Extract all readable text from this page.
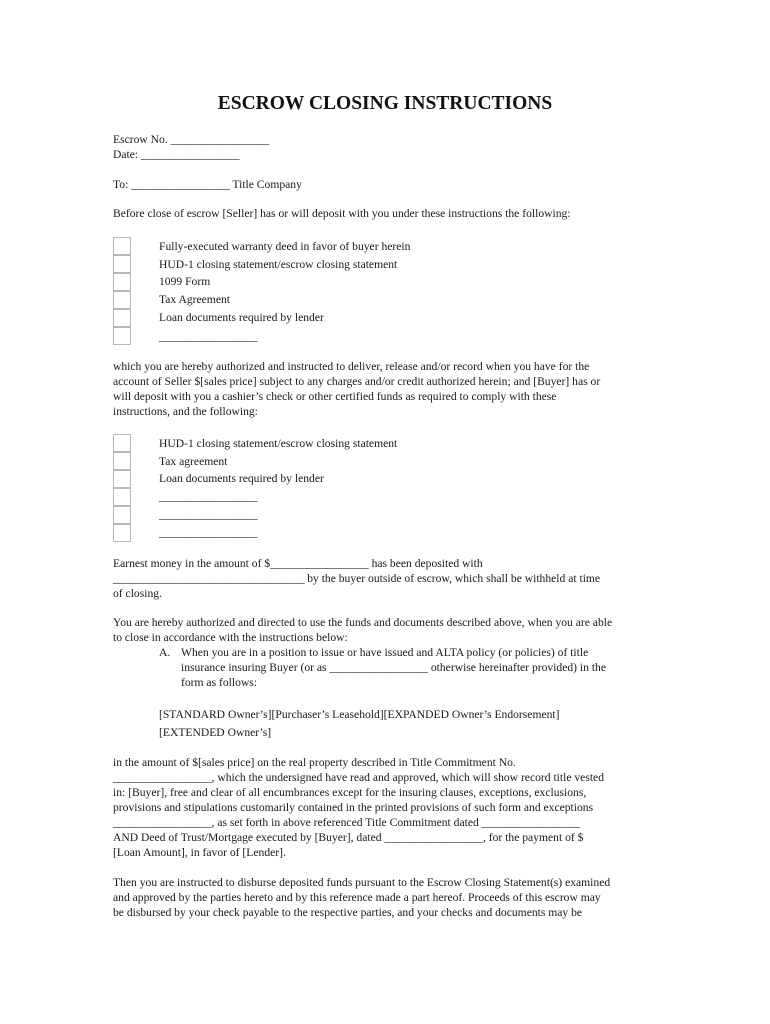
ESCROW CLOSING INSTRUCTIONS
Escrow No. _________________
Date: _________________
To: _________________ Title Company
Before close of escrow [Seller] has or will deposit with you under these instructions the following:
Fully-executed warranty deed in favor of buyer herein
HUD-1 closing statement/escrow closing statement
1099 Form
Tax Agreement
Loan documents required by lender
_________________
which you are hereby authorized and instructed to deliver, release and/or record when you have for the
account of Seller $[sales price] subject to any charges and/or credit authorized herein; and [Buyer] has or
will deposit with you a cashier’s check or other certified funds as required to comply with these
instructions, and the following:
HUD-1 closing statement/escrow closing statement
Tax agreement
Loan documents required by lender
_________________
_________________
_________________
Earnest money in the amount of $_________________ has been deposited with
_________________________________ by the buyer outside of escrow, which shall be withheld at time
of closing.
You are hereby authorized and directed to use the funds and documents described above, when you are able
to close in accordance with the instructions below:
A. When you are in a position to issue or have issued and ALTA policy (or policies) of title
insurance insuring Buyer (or as _________________ otherwise hereinafter provided) in the
form as follows:
[STANDARD Owner’s][Purchaser’s Leasehold][EXPANDED Owner’s Endorsement]
[EXTENDED Owner’s]
in the amount of $[sales price] on the real property described in Title Commitment No.
_________________, which the undersigned have read and approved, which will show record title vested
in: [Buyer], free and clear of all encumbrances except for the insuring clauses, exceptions, exclusions,
provisions and stipulations customarily contained in the printed provisions of such form and exceptions
_________________, as set forth in above referenced Title Commitment dated _________________
AND Deed of Trust/Mortgage executed by [Buyer], dated _________________, for the payment of $
[Loan Amount], in favor of [Lender].
Then you are instructed to disburse deposited funds pursuant to the Escrow Closing Statement(s) examined
and approved by the parties hereto and by this reference made a part hereof. Proceeds of this escrow may
be disbursed by your check payable to the respective parties, and your checks and documents may be
